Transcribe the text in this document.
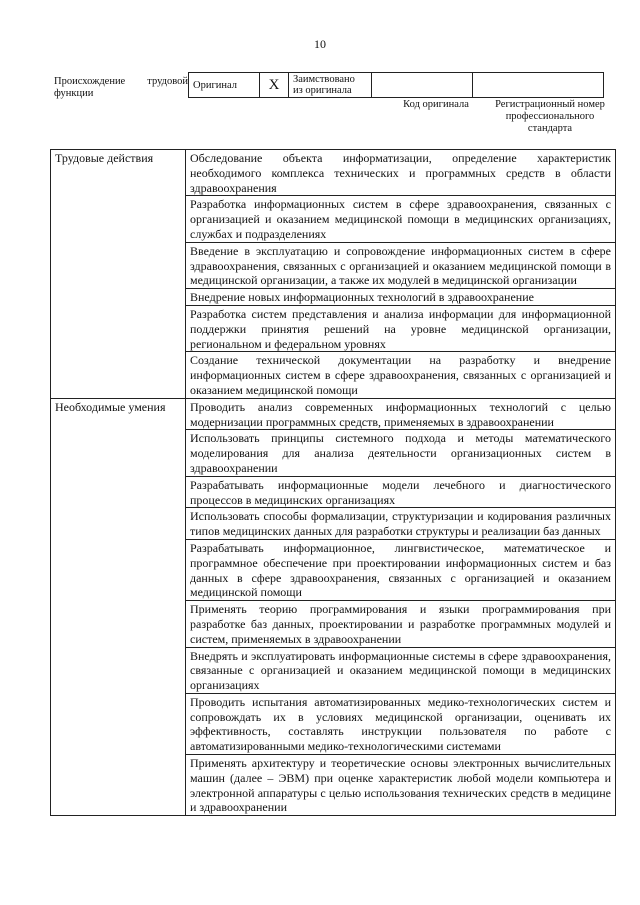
10
Происхождение трудовой
функции
Оригинал	X	Заимствовано из оригинала		
Код оригинала	Регистрационный номер профессионального стандарта
Трудовые действия	Обследование объекта информатизации, определение характеристик необходимого комплекса технических и программных средств в области здравоохранения
	Разработка информационных систем в сфере здравоохранения, связанных с организацией и оказанием медицинской помощи в медицинских организациях, службах и подразделениях
	Введение в эксплуатацию и сопровождение информационных систем в сфере здравоохранения, связанных с организацией и оказанием медицинской помощи в медицинской организации, а также их модулей в медицинской организации
	Внедрение новых информационных технологий в здравоохранение
	Разработка систем представления и анализа информации для информационной поддержки принятия решений на уровне медицинской организации, региональном и федеральном уровнях
	Создание технической документации на разработку и внедрение информационных систем в сфере здравоохранения, связанных с организацией и оказанием медицинской помощи
Необходимые умения	Проводить анализ современных информационных технологий с целью модернизации программных средств, применяемых в здравоохранении
	Использовать принципы системного подхода и методы математического моделирования для анализа деятельности организационных систем в здравоохранении
	Разрабатывать информационные модели лечебного и диагностического процессов в медицинских организациях
	Использовать способы формализации, структуризации и кодирования различных типов медицинских данных для разработки структуры и реализации баз данных
	Разрабатывать информационное, лингвистическое, математическое и программное обеспечение при проектировании информационных систем и баз данных в сфере здравоохранения, связанных с организацией и оказанием медицинской помощи
	Применять теорию программирования и языки программирования при разработке баз данных, проектировании и разработке программных модулей и систем, применяемых в здравоохранении
	Внедрять и эксплуатировать информационные системы в сфере здравоохранения, связанные с организацией и оказанием медицинской помощи в медицинских организациях
	Проводить испытания автоматизированных медико-технологических систем и сопровождать их в условиях медицинской организации, оценивать их эффективность, составлять инструкции пользователя по работе с автоматизированными медико-технологическими системами
	Применять архитектуру и теоретические основы электронных вычислительных машин (далее – ЭВМ) при оценке характеристик любой модели компьютера и электронной аппаратуры с целью использования технических средств в медицине и здравоохранении
